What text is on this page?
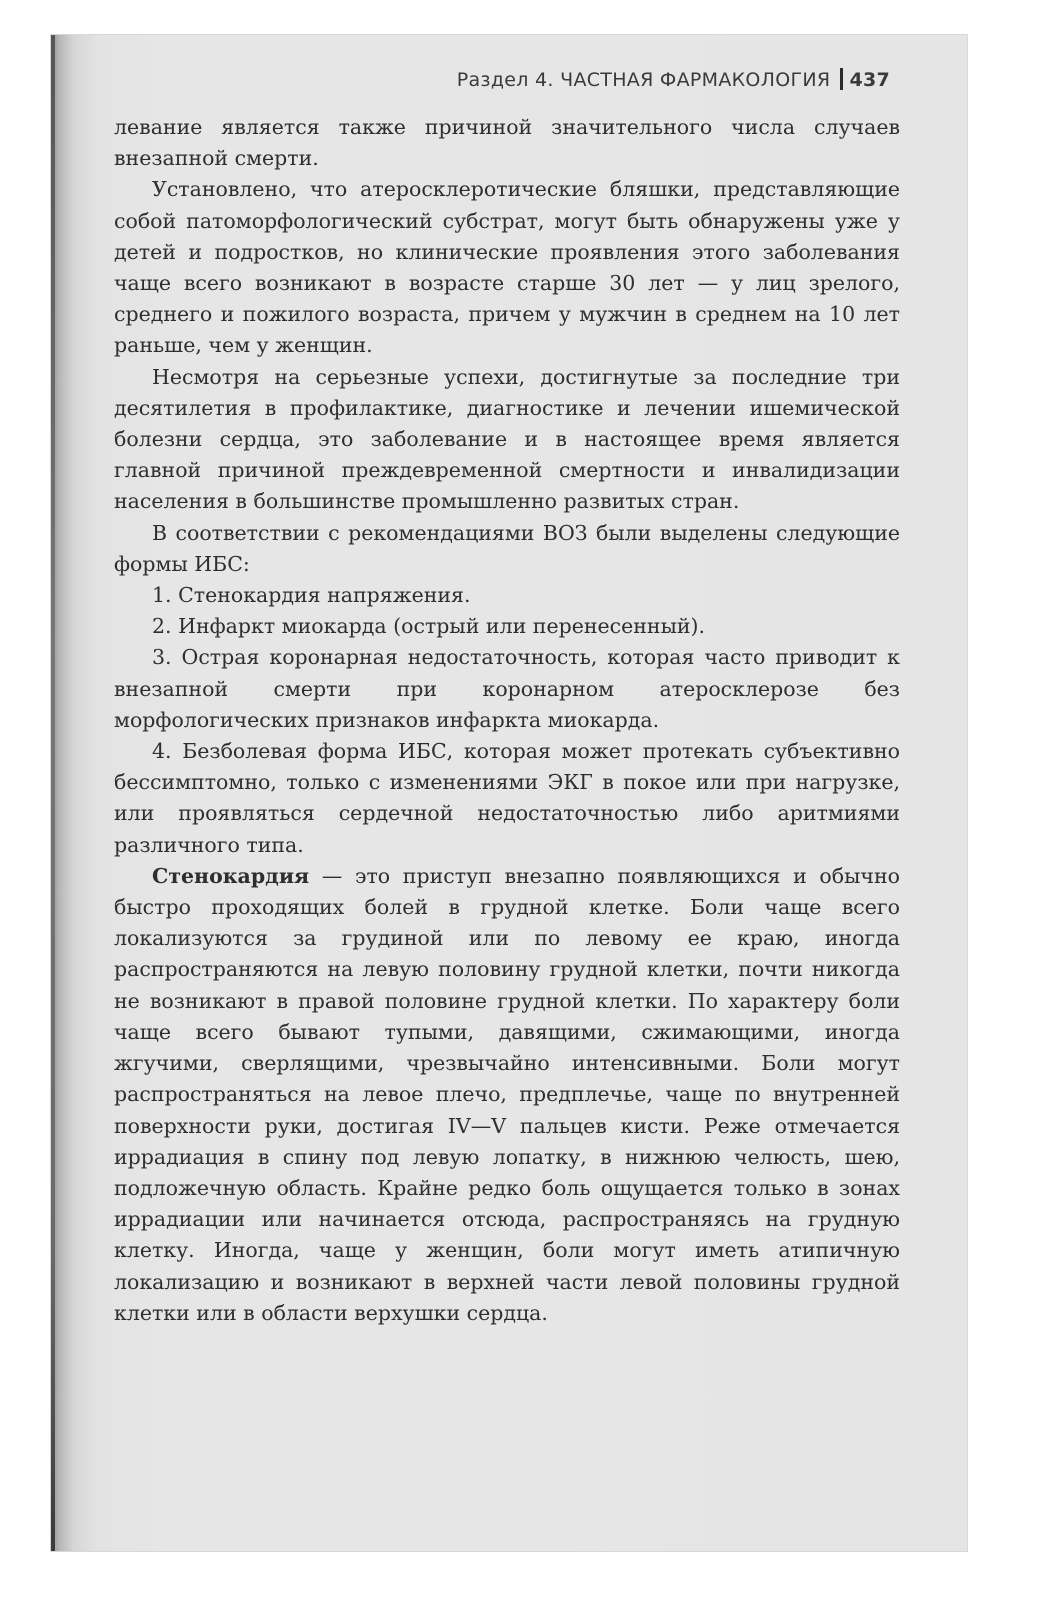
Раздел 4. ЧАСТНАЯ ФАРМАКОЛОГИЯ 437

левание является также причиной значительного числа случаев внезапной смерти.

Установлено, что атеросклеротические бляшки, представляющие собой патоморфологический субстрат, могут быть обнаружены уже у детей и подростков, но клинические проявления этого заболевания чаще всего возникают в возрасте старше 30 лет — у лиц зрелого, среднего и пожилого возраста, причем у мужчин в среднем на 10 лет раньше, чем у женщин.

Несмотря на серьезные успехи, достигнутые за последние три десятилетия в профилактике, диагностике и лечении ишемической болезни сердца, это заболевание и в настоящее время является главной причиной преждевременной смертности и инвалидизации населения в большинстве промышленно развитых стран.

В соответствии с рекомендациями ВОЗ были выделены следующие формы ИБС:

1. Стенокардия напряжения.

2. Инфаркт миокарда (острый или перенесенный).

3. Острая коронарная недостаточность, которая часто приводит к внезапной смерти при коронарном атеросклерозе без морфологических признаков инфаркта миокарда.

4. Безболевая форма ИБС, которая может протекать субъективно бессимптомно, только с изменениями ЭКГ в покое или при нагрузке, или проявляться сердечной недостаточностью либо аритмиями различного типа.

Стенокардия — это приступ внезапно появляющихся и обычно быстро проходящих болей в грудной клетке. Боли чаще всего локализуются за грудиной или по левому ее краю, иногда распространяются на левую половину грудной клетки, почти никогда не возникают в правой половине грудной клетки. По характеру боли чаще всего бывают тупыми, давящими, сжимающими, иногда жгучими, сверлящими, чрезвычайно интенсивными. Боли могут распространяться на левое плечо, предплечье, чаще по внутренней поверхности руки, достигая IV—V пальцев кисти. Реже отмечается иррадиация в спину под левую лопатку, в нижнюю челюсть, шею, подложечную область. Крайне редко боль ощущается только в зонах иррадиации или начинается отсюда, распространяясь на грудную клетку. Иногда, чаще у женщин, боли могут иметь атипичную локализацию и возникают в верхней части левой половины грудной клетки или в области верхушки сердца.
